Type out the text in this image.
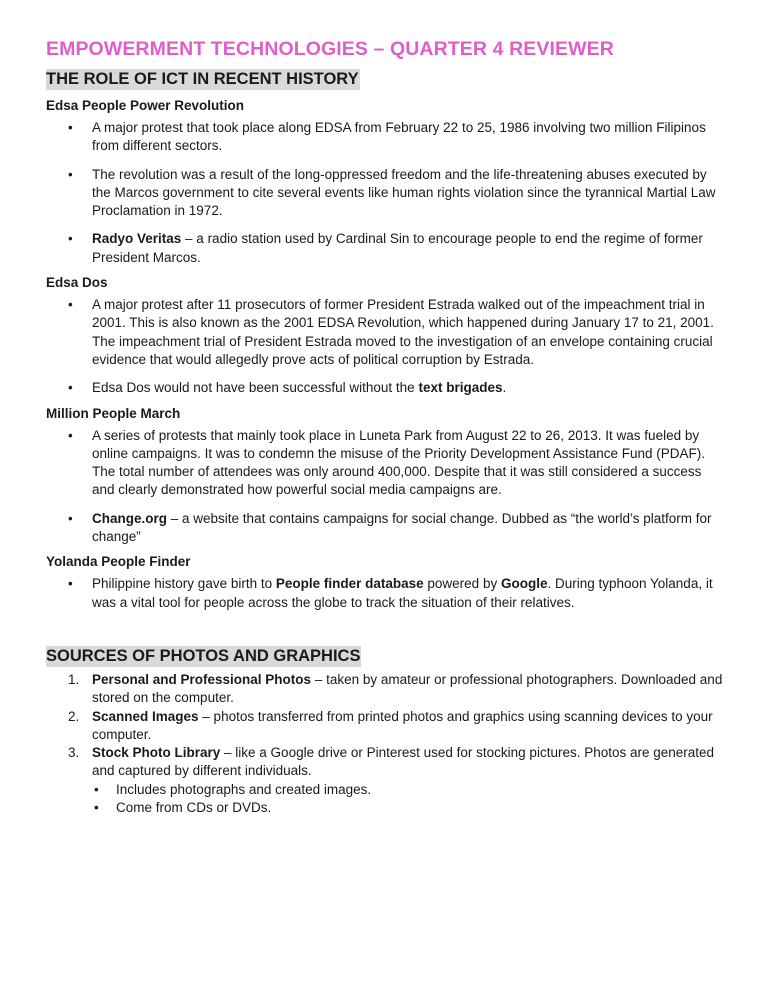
EMPOWERMENT TECHNOLOGIES – QUARTER 4 REVIEWER
THE ROLE OF ICT IN RECENT HISTORY
Edsa People Power Revolution
• A major protest that took place along EDSA from February 22 to 25, 1986 involving two million Filipinos from different sectors.
• The revolution was a result of the long-oppressed freedom and the life-threatening abuses executed by the Marcos government to cite several events like human rights violation since the tyrannical Martial Law Proclamation in 1972.
• Radyo Veritas – a radio station used by Cardinal Sin to encourage people to end the regime of former President Marcos.
Edsa Dos
• A major protest after 11 prosecutors of former President Estrada walked out of the impeachment trial in 2001. This is also known as the 2001 EDSA Revolution, which happened during January 17 to 21, 2001. The impeachment trial of President Estrada moved to the investigation of an envelope containing crucial evidence that would allegedly prove acts of political corruption by Estrada.
• Edsa Dos would not have been successful without the text brigades.
Million People March
• A series of protests that mainly took place in Luneta Park from August 22 to 26, 2013. It was fueled by online campaigns. It was to condemn the misuse of the Priority Development Assistance Fund (PDAF). The total number of attendees was only around 400,000. Despite that it was still considered a success and clearly demonstrated how powerful social media campaigns are.
• Change.org – a website that contains campaigns for social change. Dubbed as “the world’s platform for change”
Yolanda People Finder
• Philippine history gave birth to People finder database powered by Google. During typhoon Yolanda, it was a vital tool for people across the globe to track the situation of their relatives.
SOURCES OF PHOTOS AND GRAPHICS
1. Personal and Professional Photos – taken by amateur or professional photographers. Downloaded and stored on the computer.
2. Scanned Images – photos transferred from printed photos and graphics using scanning devices to your computer.
3. Stock Photo Library – like a Google drive or Pinterest used for stocking pictures. Photos are generated and captured by different individuals.
• Includes photographs and created images.
• Come from CDs or DVDs.
